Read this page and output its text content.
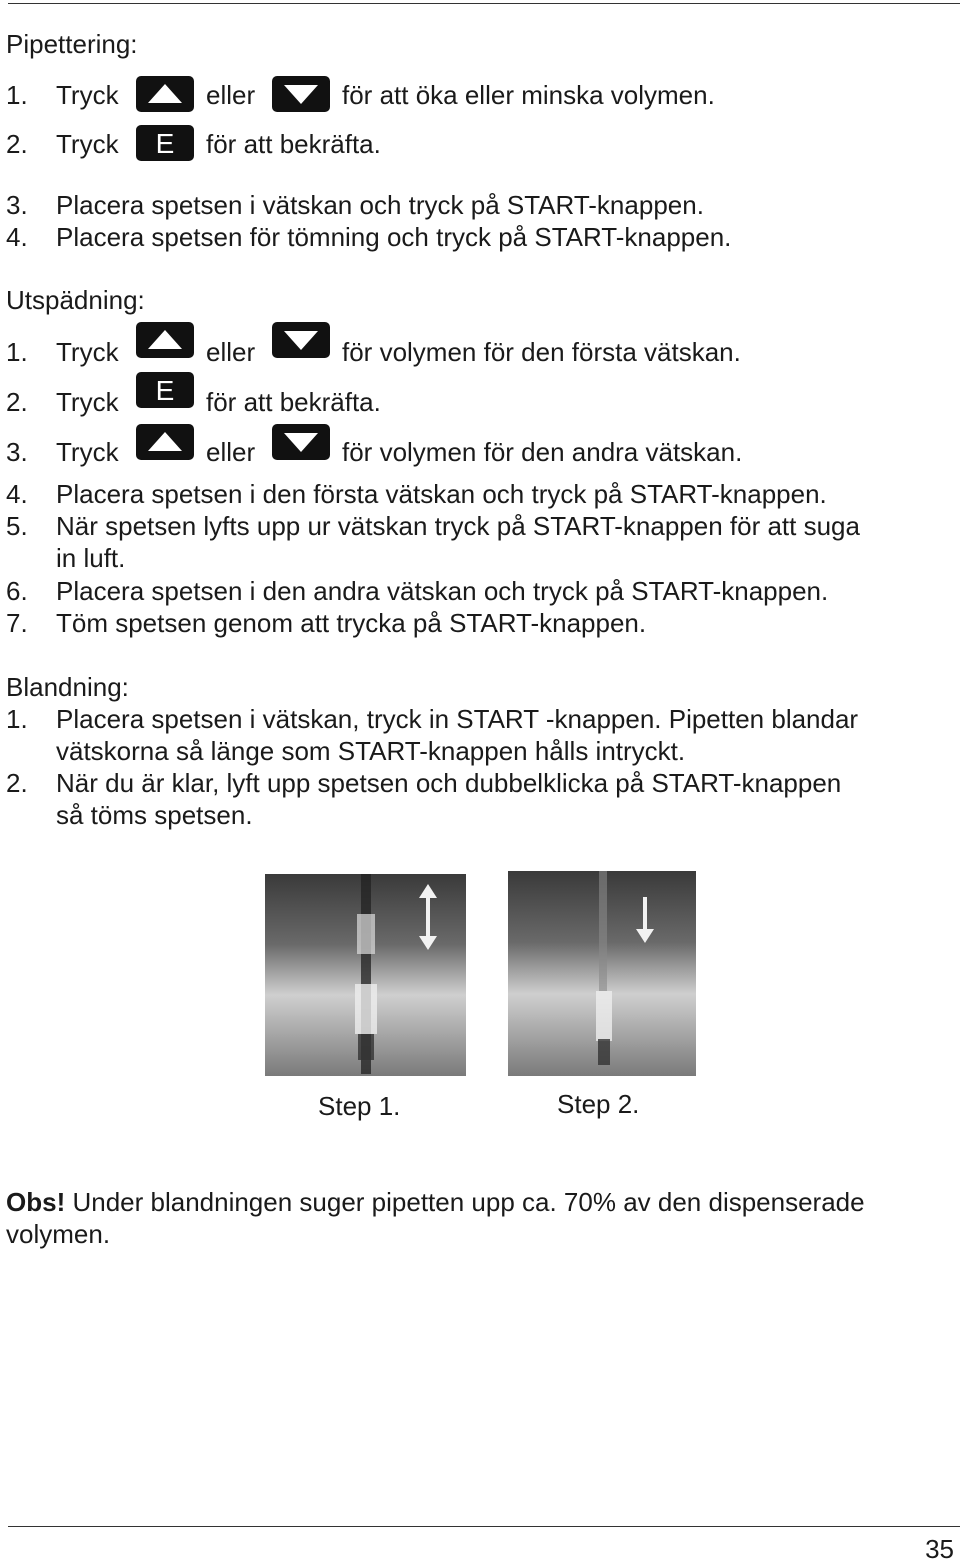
Pipettering:
1.	Tryck	eller	för att öka eller minska volymen.
2.	Tryck E för att bekräfta.
3.	Placera spetsen i vätskan och tryck på START-knappen.
4.	Placera spetsen för tömning och tryck på START-knappen.
Utspädning:
1.	Tryck	eller	för volymen för den första vätskan.
2.	Tryck E för att bekräfta.
3.	Tryck	eller	för volymen för den andra vätskan.
4.	Placera spetsen i den första vätskan och tryck på START-knappen.
5.	När spetsen lyfts upp ur vätskan tryck på START-knappen för att suga
in luft.
6.	Placera spetsen i den andra vätskan och tryck på START-knappen.
7.	Töm spetsen genom att trycka på START-knappen.
Blandning:
1.	Placera spetsen i vätskan, tryck in START -knappen. Pipetten blandar
vätskorna så länge som START-knappen hålls intryckt.
2.	När du är klar, lyft upp spetsen och dubbelklicka på START-knappen
så töms spetsen.
Step 1.	Step 2.
Obs! Under blandningen suger pipetten upp ca. 70% av den dispenserade
volymen.
35
